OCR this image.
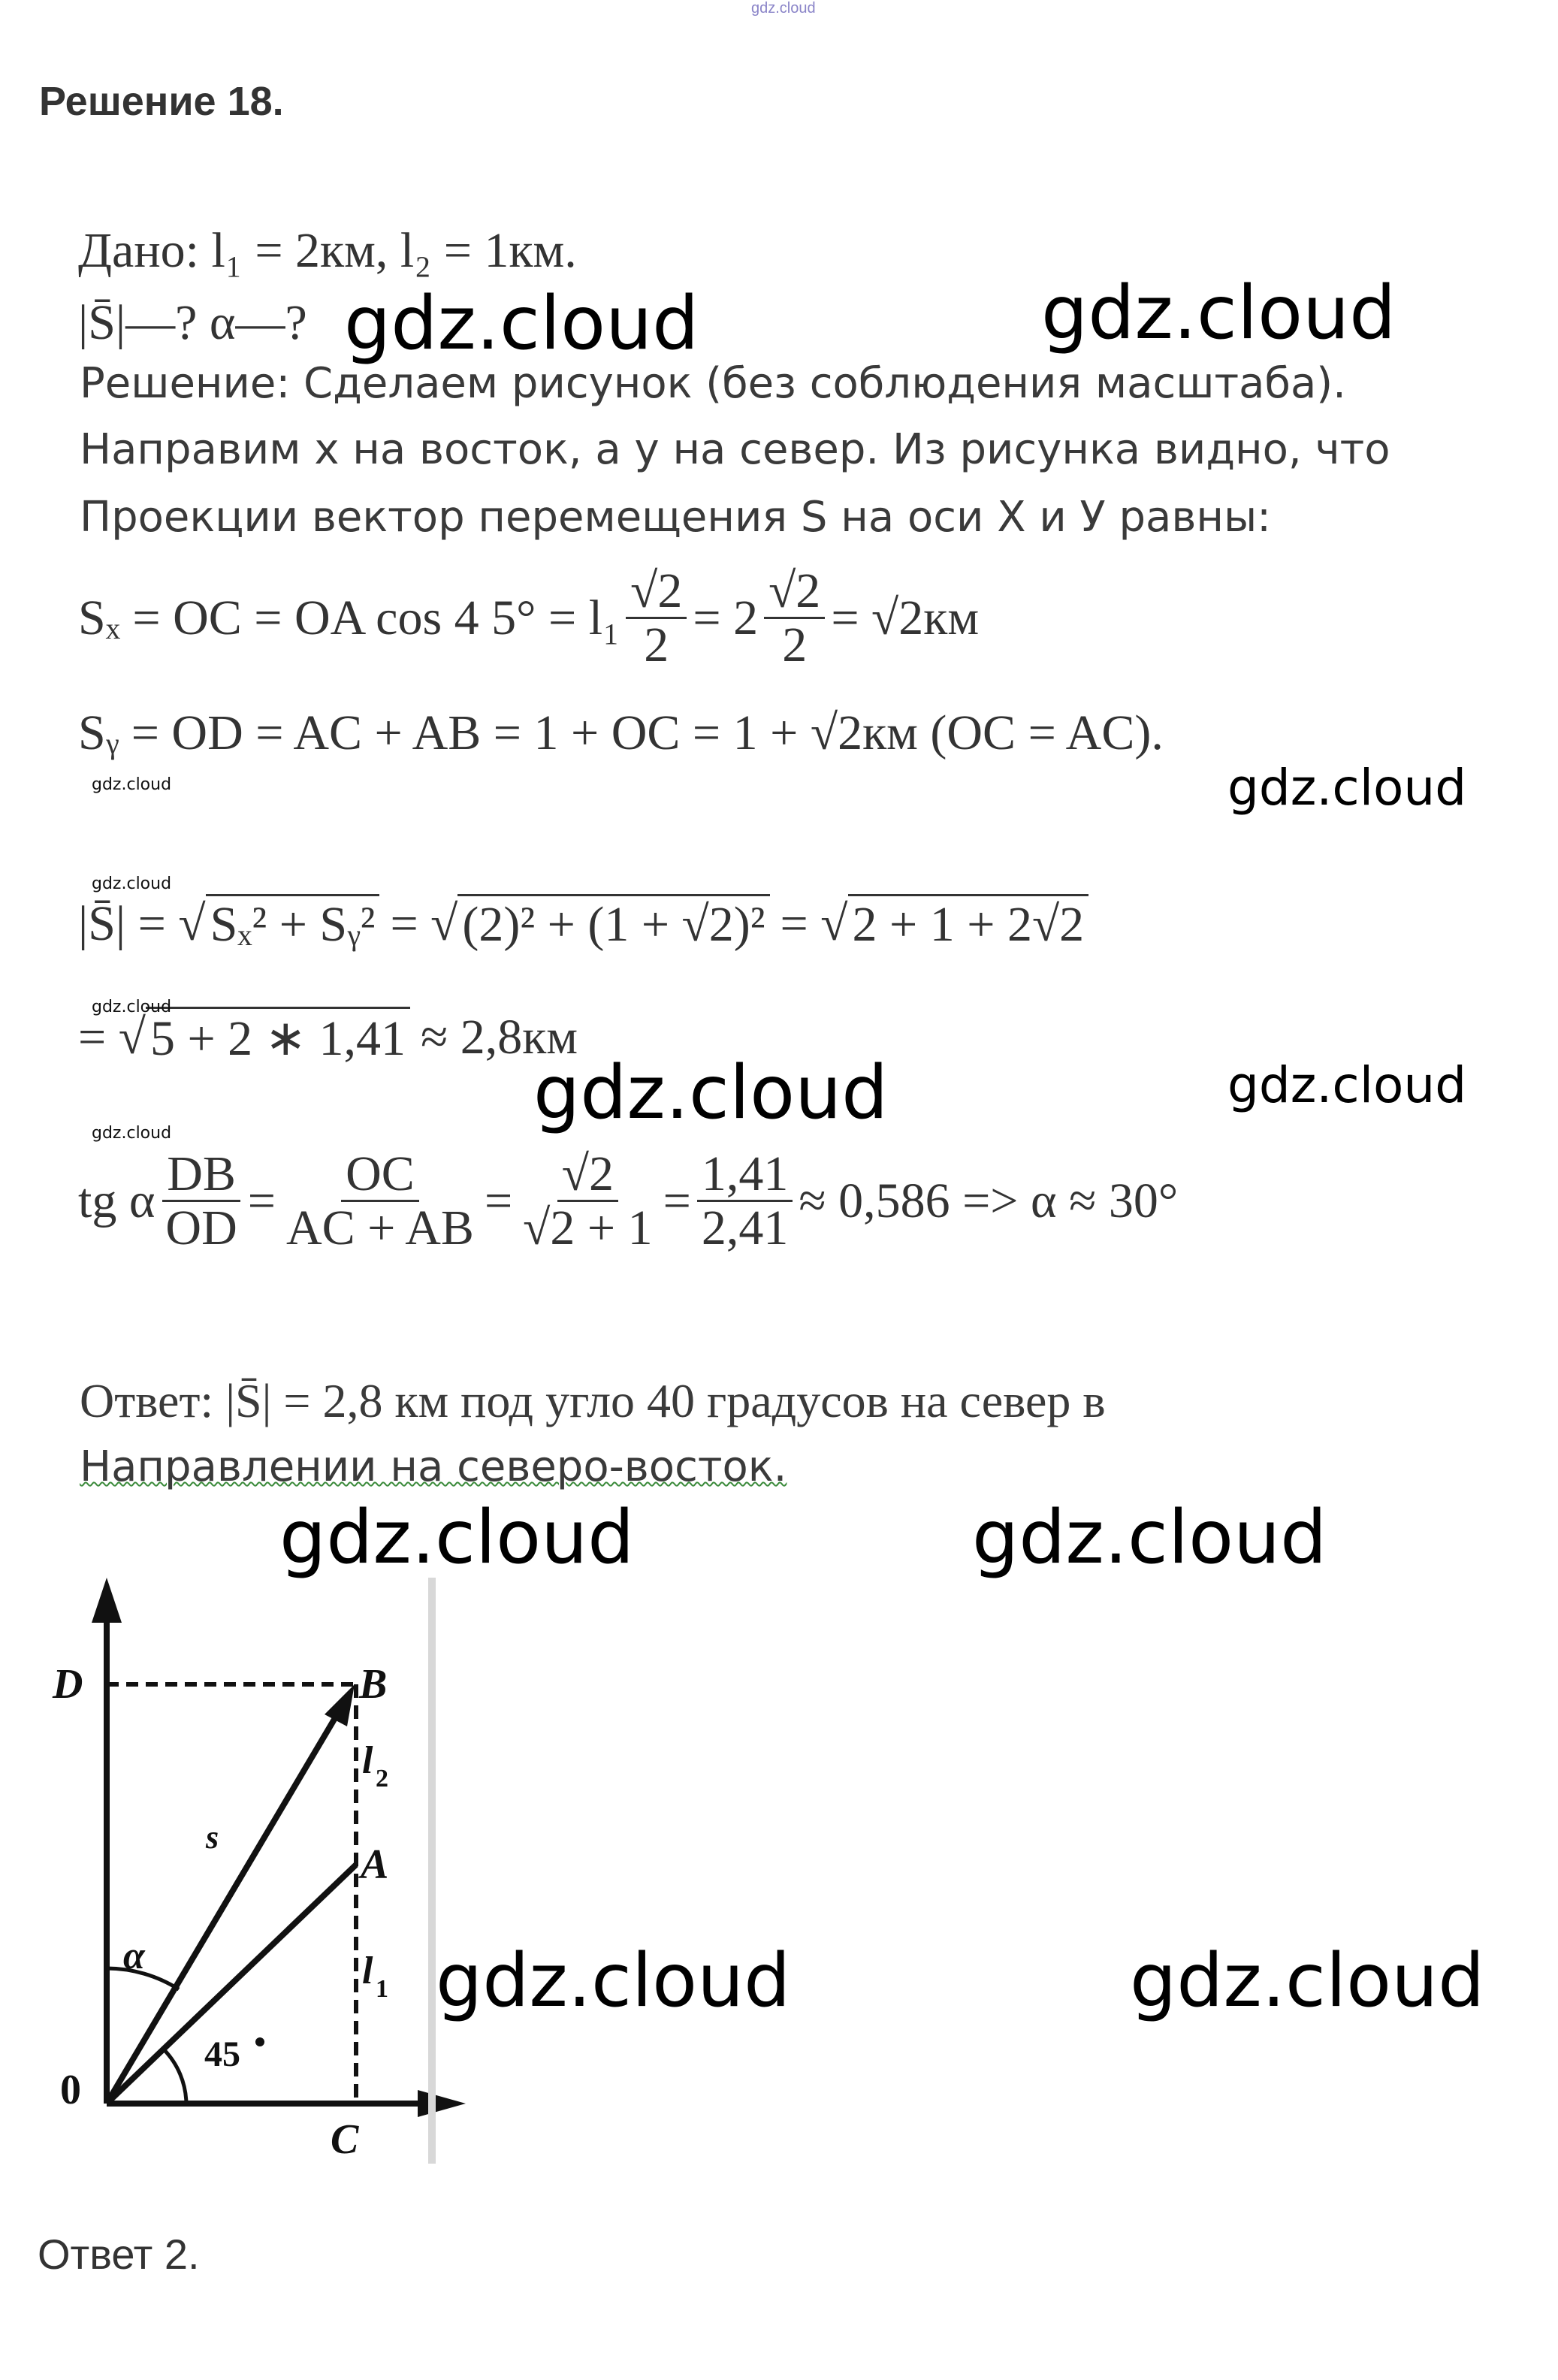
gdz.cloud
Решение 18.
Дано: l₁ = 2км, l₂ = 1км.
|S̄|—? α—?
Решение: Сделаем рисунок (без соблюдения масштаба).
Направим x на восток, а y на север. Из рисунка видно, что
Проекции вектор перемещения S на оси X и У равны:
Sₓ = OC = OA cos 4 $5^\circ = l_1 \frac{√2}{2} = 2 \frac{√2}{2} = √2км$
Sᵧ = OD = AC + AB = 1 + OC = 1 + √2км (OC = AC).
|S̄| = √ Sₓ² + Sᵧ² = √ (2)² + (1 + √2)² = √ 2 + 1 + 2√2
= √ 5 + 2 ∗ 1,41 ≈ 2,8км
tg α $\frac{DB}{OD} = \frac{OC}{AC + AB} = \frac{√2}{√2 + 1} = \frac{1,41}{2,41} \approx 0,586 => \alpha \approx 30^\circ$
Ответ: |S̄| = 2,8 км под угло 40 градусов на север в
Направлении на северо-восток.
D	B
A
C
0
s
α
l 2
l 1
45
gdz.cloud	gdz.cloud
gdz.cloud
gdz.cloud	gdz.cloud
gdz.cloud	gdz.cloud
gdz.cloud	gdz.cloud
gdz.cloud
gdz.cloud
gdz.cloud
gdz.cloud
Ответ 2.
